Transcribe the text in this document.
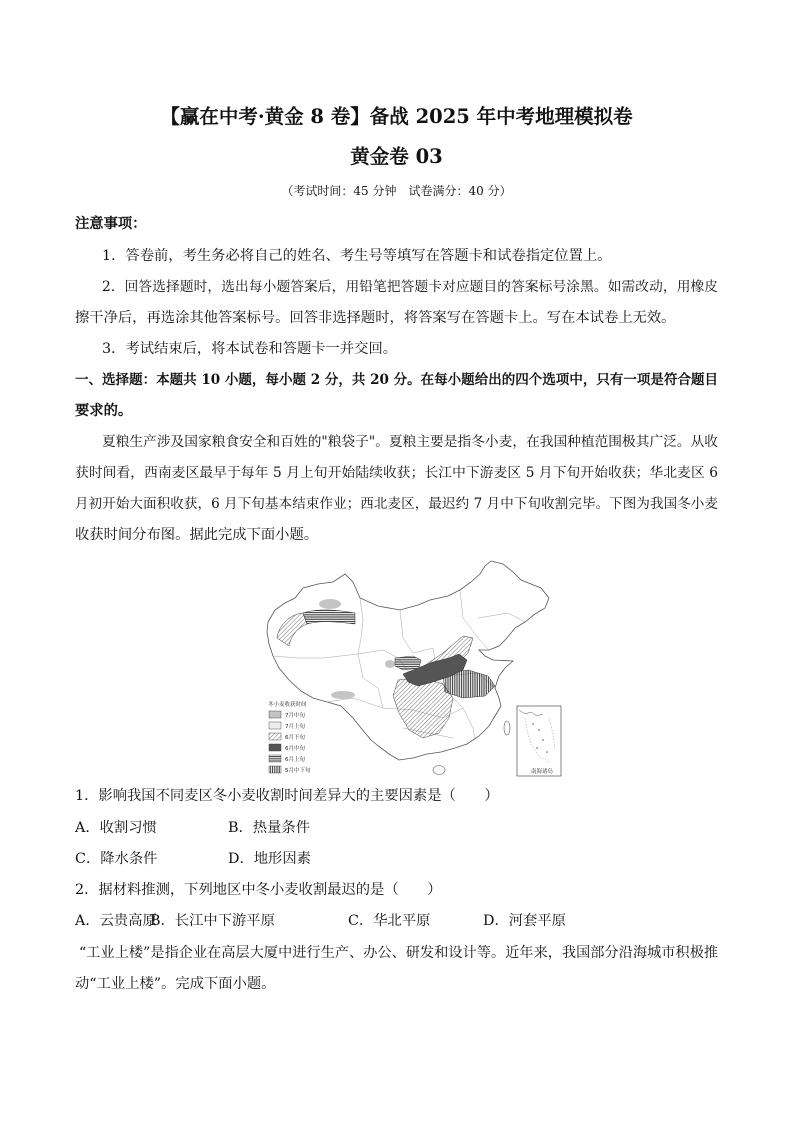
【赢在中考·黄金 8 卷】备战 2025 年中考地理模拟卷
黄金卷 03
（考试时间：45 分钟　试卷满分：40 分）
注意事项：
1．答卷前，考生务必将自己的姓名、考生号等填写在答题卡和试卷指定位置上。
2．回答选择题时，选出每小题答案后，用铅笔把答题卡对应题目的答案标号涂黑。如需改动，用橡皮
擦干净后，再选涂其他答案标号。回答非选择题时，将答案写在答题卡上。写在本试卷上无效。
3．考试结束后，将本试卷和答题卡一并交回。
一、选择题：本题共 10 小题，每小题 2 分，共 20 分。在每小题给出的四个选项中，只有一项是符合题目
要求的。
夏粮生产涉及国家粮食安全和百姓的"粮袋子"。夏粮主要是指冬小麦，在我国种植范围极其广泛。从收
获时间看，西南麦区最早于每年 5 月上旬开始陆续收获；长江中下游麦区 5 月下旬开始收获；华北麦区 6
月初开始大面积收获，6 月下旬基本结束作业；西北麦区，最迟约 7 月中下旬收割完毕。下图为我国冬小麦
收获时间分布图。据此完成下面小题。
冬小麦收获时间
7月中旬
7月上旬
6月下旬
6月中旬
6月上旬
5月中下旬	南海诸岛
1．影响我国不同麦区冬小麦收割时间差异大的主要因素是（　　）
A．收割习惯	B．热量条件
C．降水条件	D．地形因素
2．据材料推测，下列地区中冬小麦收割最迟的是（　　）
A．云贵高原
B．长江中下游平原	C．华北平原	D．河套平原
“工业上楼”是指企业在高层大厦中进行生产、办公、研发和设计等。近年来，我国部分沿海城市积极推
动“工业上楼”。完成下面小题。
